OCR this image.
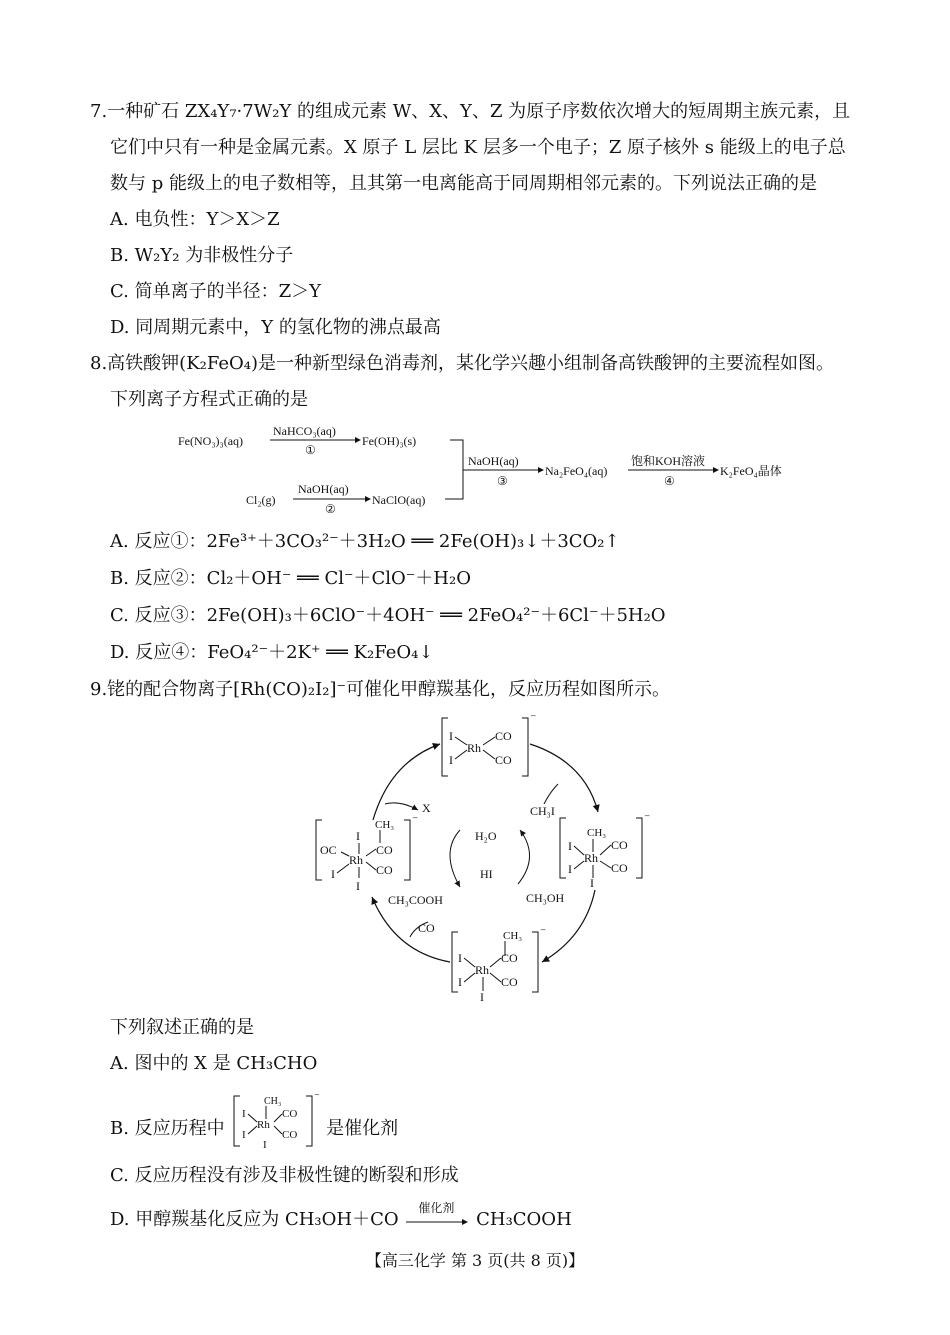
7.一种矿石 ZX₄Y₇·7W₂Y 的组成元素 W、X、Y、Z 为原子序数依次增大的短周期主族元素，且
它们中只有一种是金属元素。X 原子 L 层比 K 层多一个电子；Z 原子核外 s 能级上的电子总
数与 p 能级上的电子数相等，且其第一电离能高于同周期相邻元素的。下列说法正确的是
A. 电负性：Y＞X＞Z
B. W₂Y₂ 为非极性分子
C. 简单离子的半径：Z＞Y
D. 同周期元素中，Y 的氢化物的沸点最高
8.高铁酸钾(K₂FeO₄)是一种新型绿色消毒剂，某化学兴趣小组制备高铁酸钾的主要流程如图。
下列离子方程式正确的是
Fe(NO₃)₃(aq)
NaHCO₃(aq)
①
Fe(OH)₃(s)
Cl₂(g)
NaOH(aq)
②
NaClO(aq)
NaOH(aq)
③
Na₂FeO₄(aq)
饱和KOH溶液
④
K₂FeO₄晶体
A. 反应①：2Fe³⁺＋3CO₃²⁻＋3H₂O ══ 2Fe(OH)₃↓＋3CO₂↑
B. 反应②：Cl₂＋OH⁻ ══ Cl⁻＋ClO⁻＋H₂O
C. 反应③：2Fe(OH)₃＋6ClO⁻＋4OH⁻ ══ 2FeO₄²⁻＋6Cl⁻＋5H₂O
D. 反应④：FeO₄²⁻＋2K⁺ ══ K₂FeO₄↓
9.铑的配合物离子[Rh(CO)₂I₂]⁻可催化甲醇羰基化，反应历程如图所示。
⁻
I
I
Rh
CO
CO
⁻
CH₃
I
I
Rh
CO
CO
I
⁻
CH₃
I
I
Rh
CO
CO
I
⁻
CH₃
CO
OC
I
Rh
CO
I
I
X	CH₃I
CO
H₂O
HI
CH₃COOH	CH₃OH
下列叙述正确的是
A. 图中的 X 是 CH₃CHO
B. 反应历程中
⁻
CH₃
I
I
Rh
CO
CO
I
是催化剂
C. 反应历程没有涉及非极性键的断裂和形成
D. 甲醇羰基化反应为 CH₃OH＋CO
催化剂
CH₃COOH
【高三化学 第 3 页(共 8 页)】
